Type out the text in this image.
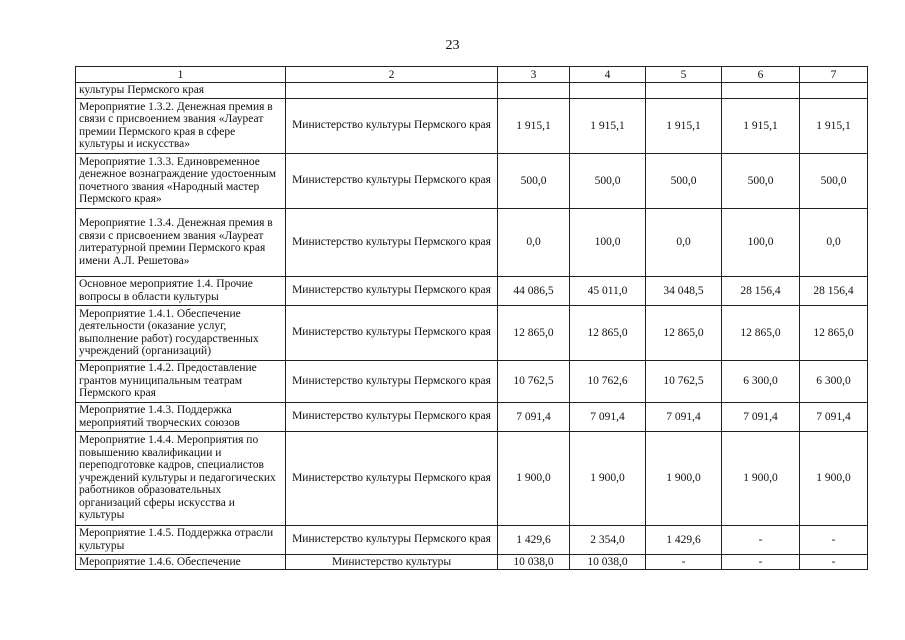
23
1	2	3	4	5	6	7
культуры Пермского края						
Мероприятие 1.3.2. Денежная премия в связи с присвоением звания «Лауреат премии Пермского края в сфере культуры и искусства»	Министерство культуры Пермского края	1 915,1	1 915,1	1 915,1	1 915,1	1 915,1
Мероприятие 1.3.3. Единовременное денежное вознаграждение удостоенным почетного звания «Народный мастер Пермского края»	Министерство культуры Пермского края	500,0	500,0	500,0	500,0	500,0
Мероприятие 1.3.4. Денежная премия в связи с присвоением звания «Лауреат литературной премии Пермского края имени А.Л. Решетова»	Министерство культуры Пермского края	0,0	100,0	0,0	100,0	0,0
Основное мероприятие 1.4. Прочие вопросы в области культуры	Министерство культуры Пермского края	44 086,5	45 011,0	34 048,5	28 156,4	28 156,4
Мероприятие 1.4.1. Обеспечение деятельности (оказание услуг, выполнение работ) государственных учреждений (организаций)	Министерство культуры Пермского края	12 865,0	12 865,0	12 865,0	12 865,0	12 865,0
Мероприятие 1.4.2. Предоставление грантов муниципальным театрам Пермского края	Министерство культуры Пермского края	10 762,5	10 762,6	10 762,5	6 300,0	6 300,0
Мероприятие 1.4.3. Поддержка мероприятий творческих союзов	Министерство культуры Пермского края	7 091,4	7 091,4	7 091,4	7 091,4	7 091,4
Мероприятие 1.4.4. Мероприятия по повышению квалификации и переподготовке кадров, специалистов учреждений культуры и педагогических работников образовательных организаций сферы искусства и культуры	Министерство культуры Пермского края	1 900,0	1 900,0	1 900,0	1 900,0	1 900,0
Мероприятие 1.4.5. Поддержка отрасли культуры	Министерство культуры Пермского края	1 429,6	2 354,0	1 429,6	-	-
Мероприятие 1.4.6. Обеспечение	Министерство культуры	10 038,0	10 038,0	-	-	-
